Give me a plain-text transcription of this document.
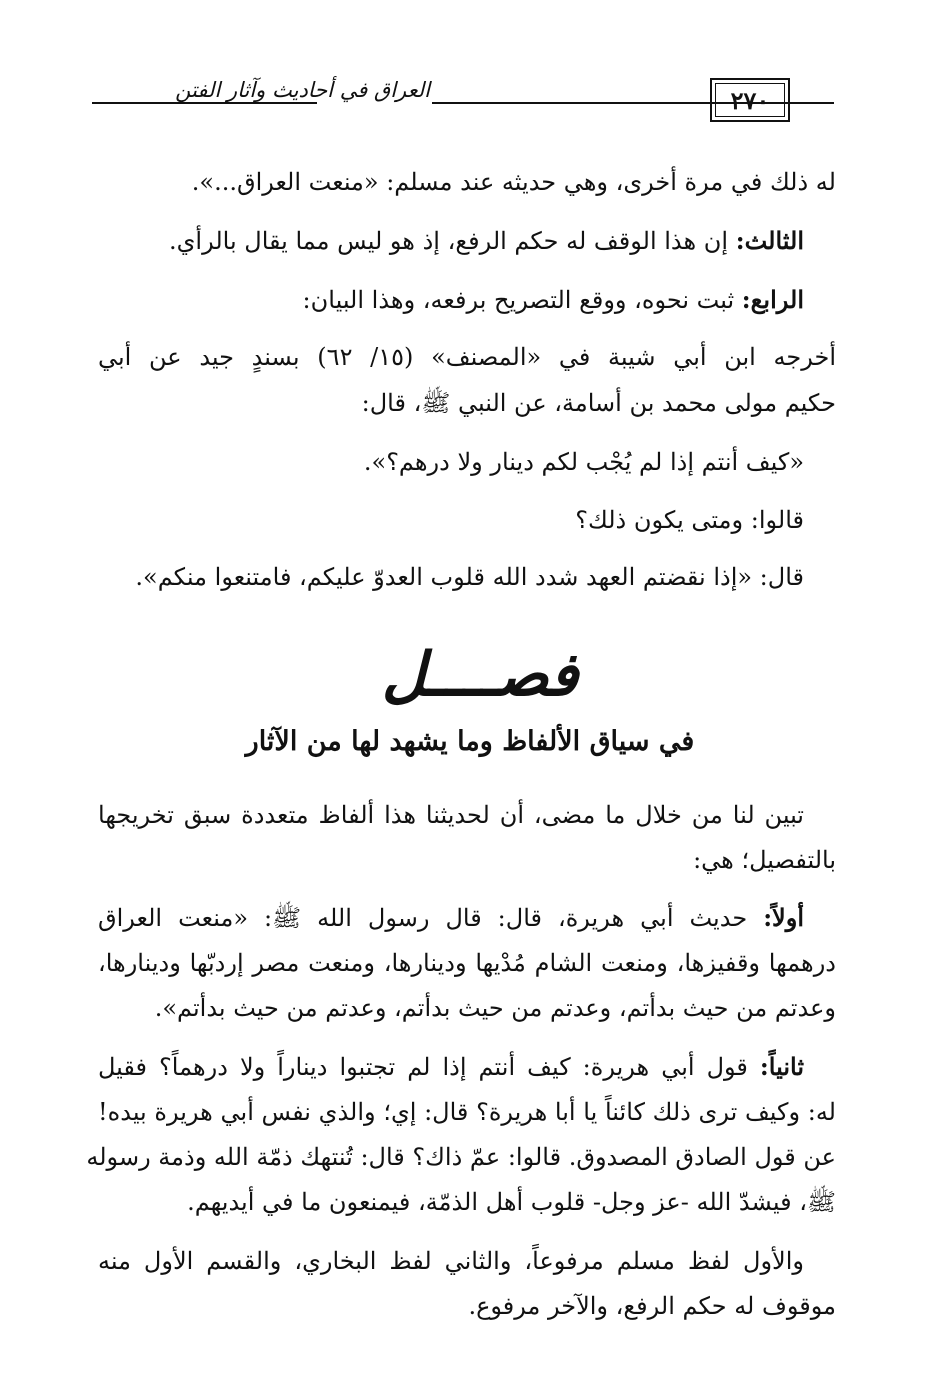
العراق في أحاديث وآثار الفتن	٢٧٠
له ذلك في مرة أخرى، وهي حديثه عند مسلم: «منعت العراق...».
الثالث: إن هذا الوقف له حكم الرفع، إذ هو ليس مما يقال بالرأي.
الرابع: ثبت نحوه، ووقع التصريح برفعه، وهذا البيان:
أخرجه ابن أبي شيبة في «المصنف» (١٥/ ٦٢) بسندٍ جيد عن أبي
حكيم مولى محمد بن أسامة، عن النبي ﷺ، قال:
«كيف أنتم إذا لم يُجْب لكم دينار ولا درهم؟».
قالوا: ومتى يكون ذلك؟
قال: «إذا نقضتم العهد شدد الله قلوب العدوّ عليكم، فامتنعوا منكم».
فصــــل
في سياق الألفاظ وما يشهد لها من الآثار
تبين لنا من خلال ما مضى، أن لحديثنا هذا ألفاظ متعددة سبق تخريجها
بالتفصيل؛ هي:
أولاً: حديث أبي هريرة، قال: قال رسول الله ﷺ: «منعت العراق
درهمها وقفيزها، ومنعت الشام مُدْيها ودينارها، ومنعت مصر إردبّها ودينارها،
وعدتم من حيث بدأتم، وعدتم من حيث بدأتم، وعدتم من حيث بدأتم».
ثانياً: قول أبي هريرة: كيف أنتم إذا لم تجتبوا ديناراً ولا درهماً؟ فقيل
له: وكيف ترى ذلك كائناً يا أبا هريرة؟ قال: إي؛ والذي نفس أبي هريرة بيده!
عن قول الصادق المصدوق. قالوا: عمّ ذاك؟ قال: تُنتهك ذمّة الله وذمة رسوله
ﷺ، فيشدّ الله -عز وجل- قلوب أهل الذمّة، فيمنعون ما في أيديهم.
والأول لفظ مسلم مرفوعاً، والثاني لفظ البخاري، والقسم الأول منه
موقوف له حكم الرفع، والآخر مرفوع.
